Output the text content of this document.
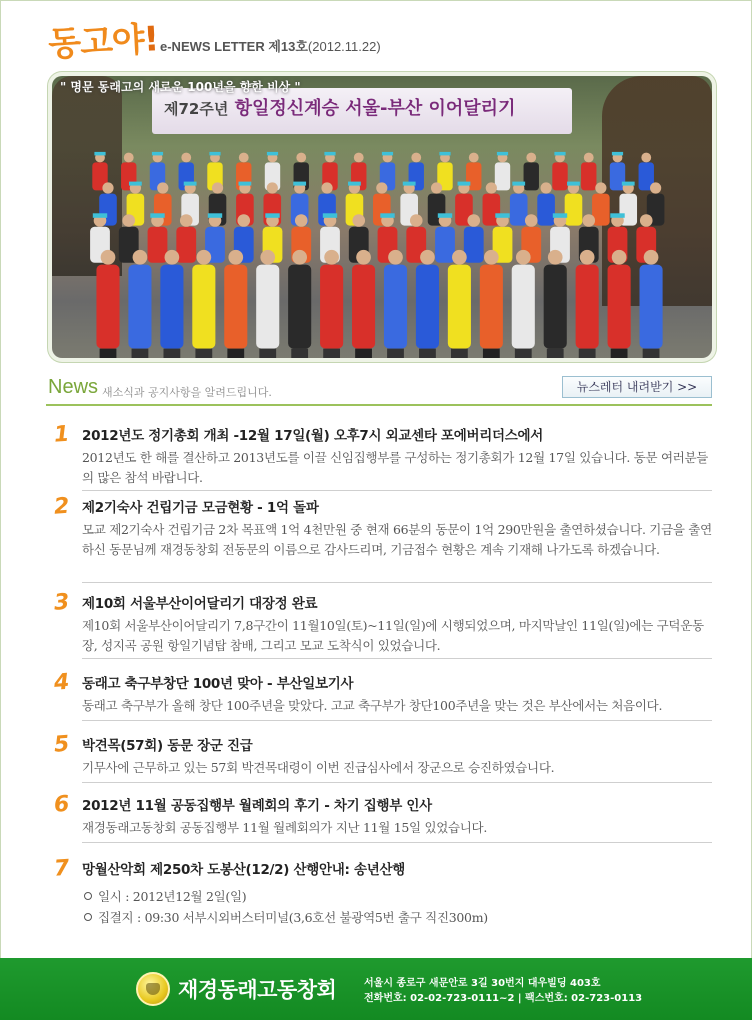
동고야! e-NEWS LETTER 제13호(2012.11.22)
제72주년 항일정신계승 서울-부산 이어달리기
" 명문 동래고의 새로운 100년을 향한 비상 "
News 새소식과 공지사항을 알려드립니다.	뉴스레터 내려받기 >>
1 2012년도 정기총회 개최 -12월 17일(월) 오후7시 외교센타 포에버리더스에서
2012년도 한 해를 결산하고 2013년도를 이끌 신임집행부를 구성하는 정기총회가 12월 17일 있습니다. 동문 여러분들의 많은 참석 바랍니다.
2 제2기숙사 건립기금 모금현황 - 1억 돌파
모교 제2기숙사 건립기금 2차 목표액 1억 4천만원 중 현재 66분의 동문이 1억 290만원을 출연하셨습니다. 기금을 출연하신 동문님께 재경동창회 전동문의 이름으로 감사드리며, 기금접수 현황은 계속 기재해 나가도록 하겠습니다.
3 제10회 서울부산이어달리기 대장정 완료
제10회 서울부산이어달리기 7,8구간이 11월10일(토)~11일(일)에 시행되었으며, 마지막날인 11일(일)에는 구덕운동장, 성지곡 공원 항일기념탑 참배, 그리고 모교 도착식이 있었습니다.
4 동래고 축구부창단 100년 맞아 - 부산일보기사
동래고 축구부가 올해 창단 100주년을 맞았다. 고교 축구부가 창단100주년을 맞는 것은 부산에서는 처음이다.
5 박견목(57회) 동문 장군 진급
기무사에 근무하고 있는 57회 박견목대령이 이번 진급심사에서 장군으로 승진하였습니다.
6 2012년 11월 공동집행부 월례회의 후기 - 차기 집행부 인사
재경동래고동창회 공동집행부 11월 월례회의가 지난 11월 15일 있었습니다.
7 망월산악회 제250차 도봉산(12/2) 산행안내: 송년산행
일시 : 2012년12월 2일(일)
집결지 : 09:30 서부시외버스터미널(3,6호선 불광역5번 출구 직진300m)
재경동래고동창회	서울시 종로구 새문안로 3길 30번지 대우빌딩 403호
전화번호: 02-02-723-0111~2 | 팩스번호: 02-723-0113
